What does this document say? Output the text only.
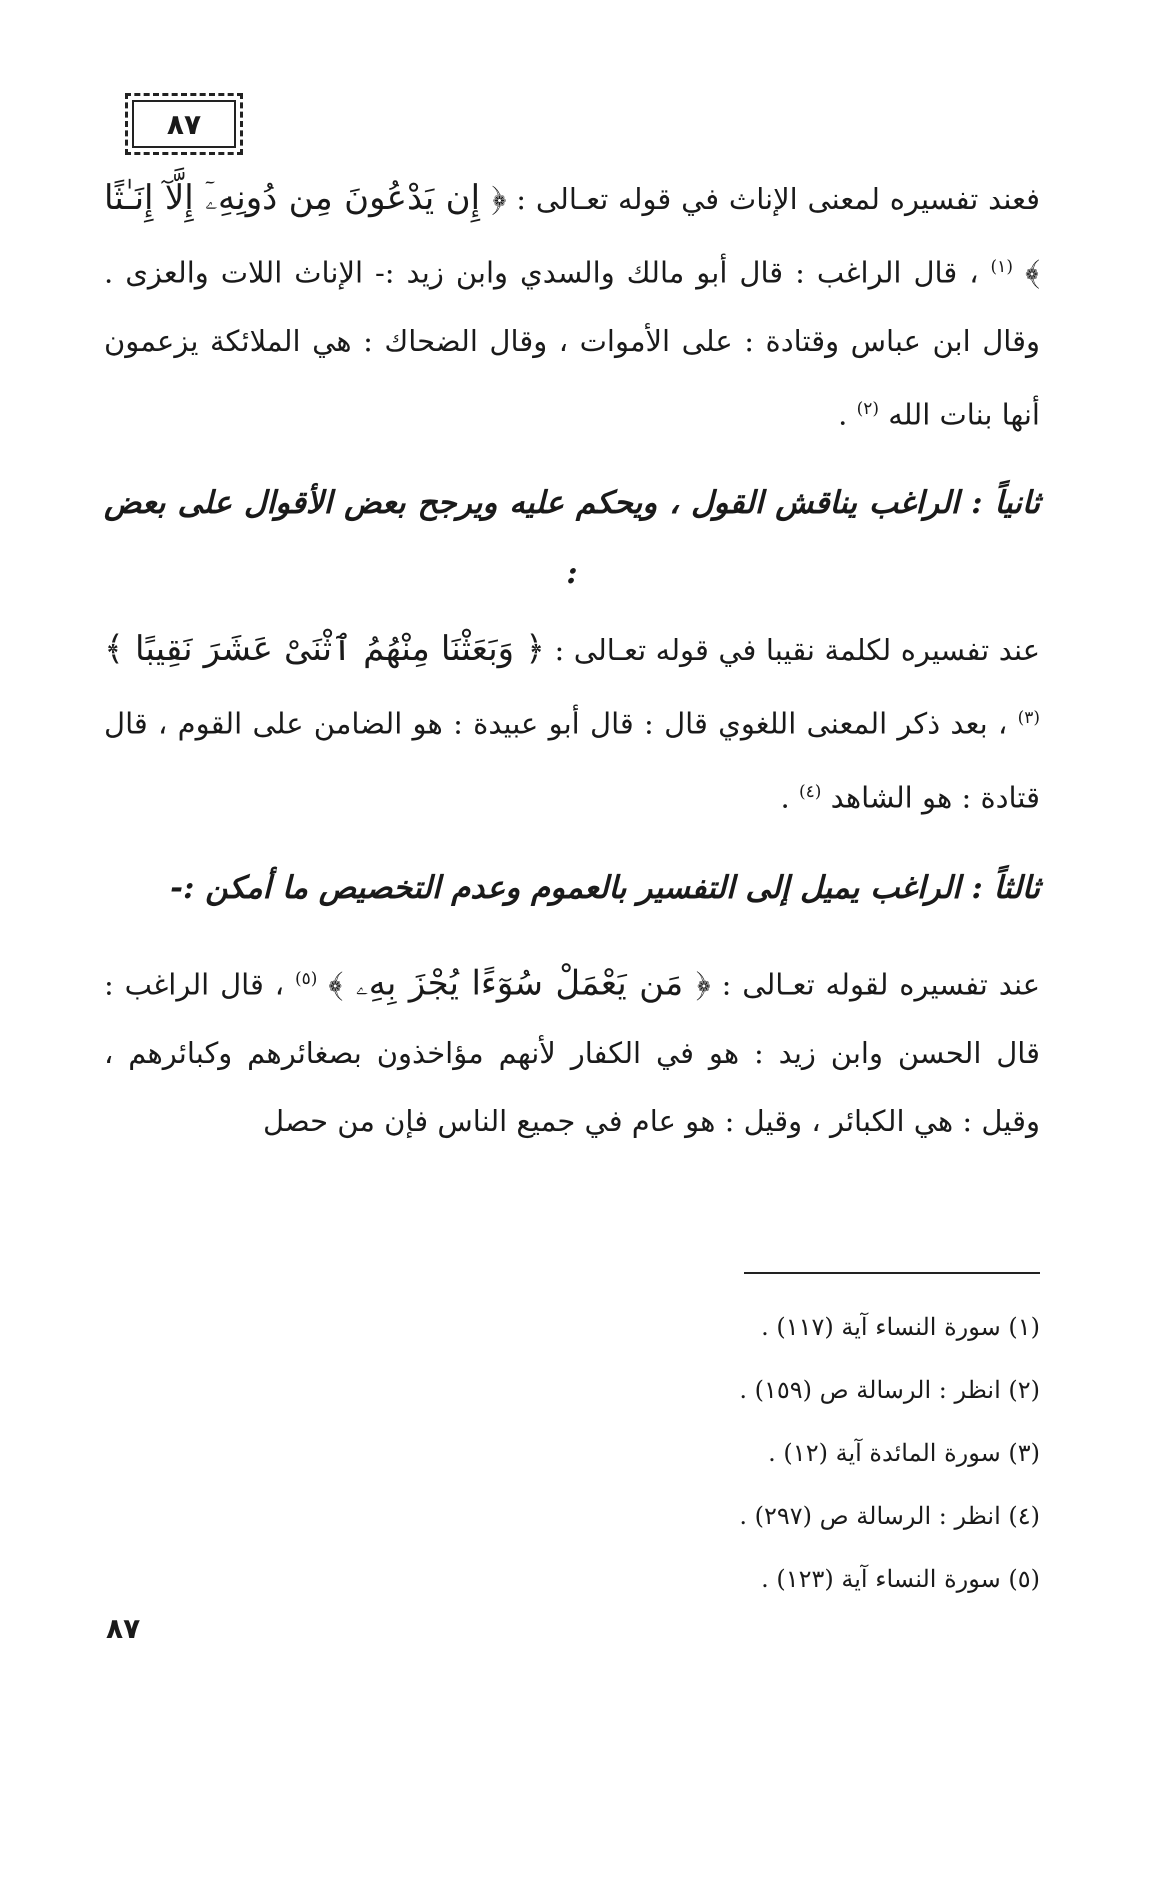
٨٧
فعند تفسيره لمعنى الإناث في قوله تعـالى : ﴿ إِن يَدْعُونَ مِن دُونِهِۦٓ إِلَّآ إِنَـٰثًا ﴾ $^{(١)}$ ، قال الراغب : قال أبو مالك والسدي وابن زيد :- الإناث اللات والعزى . وقال ابن عباس وقتادة : على الأموات ، وقال الضحاك : هي الملائكة يزعمون أنها بنات الله $^{(٢)}$ .
ثانياً : الراغب يناقش القول ، ويحكم عليه ويرجح بعض الأقوال على بعض :
عند تفسيره لكلمة نقيبا في قوله تعـالى : ﴿ وَبَعَثْنَا مِنْهُمُ ٱثْنَىْ عَشَرَ نَقِيبًا ﴾ $^{(٣)}$ ، بعد ذكر المعنى اللغوي قال : قال أبو عبيدة : هو الضامن على القوم ، قال قتادة : هو الشاهد $^{(٤)}$ .
ثالثاً : الراغب يميل إلى التفسير بالعموم وعدم التخصيص ما أمكن :-
عند تفسيره لقوله تعـالى : ﴿ مَن يَعْمَلْ سُوٓءًا يُجْزَ بِهِۦ ﴾ $^{(٥)}$ ، قال الراغب : قال الحسن وابن زيد : هو في الكفار لأنهم مؤاخذون بصغائرهم وكبائرهم ، وقيل : هي الكبائر ، وقيل : هو عام في جميع الناس فإن من حصل
(١) سورة النساء آية (١١٧) .
(٢) انظر : الرسالة ص (١٥٩) .
(٣) سورة المائدة آية (١٢) .
(٤) انظر : الرسالة ص (٢٩٧) .
(٥) سورة النساء آية (١٢٣) .
٨٧
